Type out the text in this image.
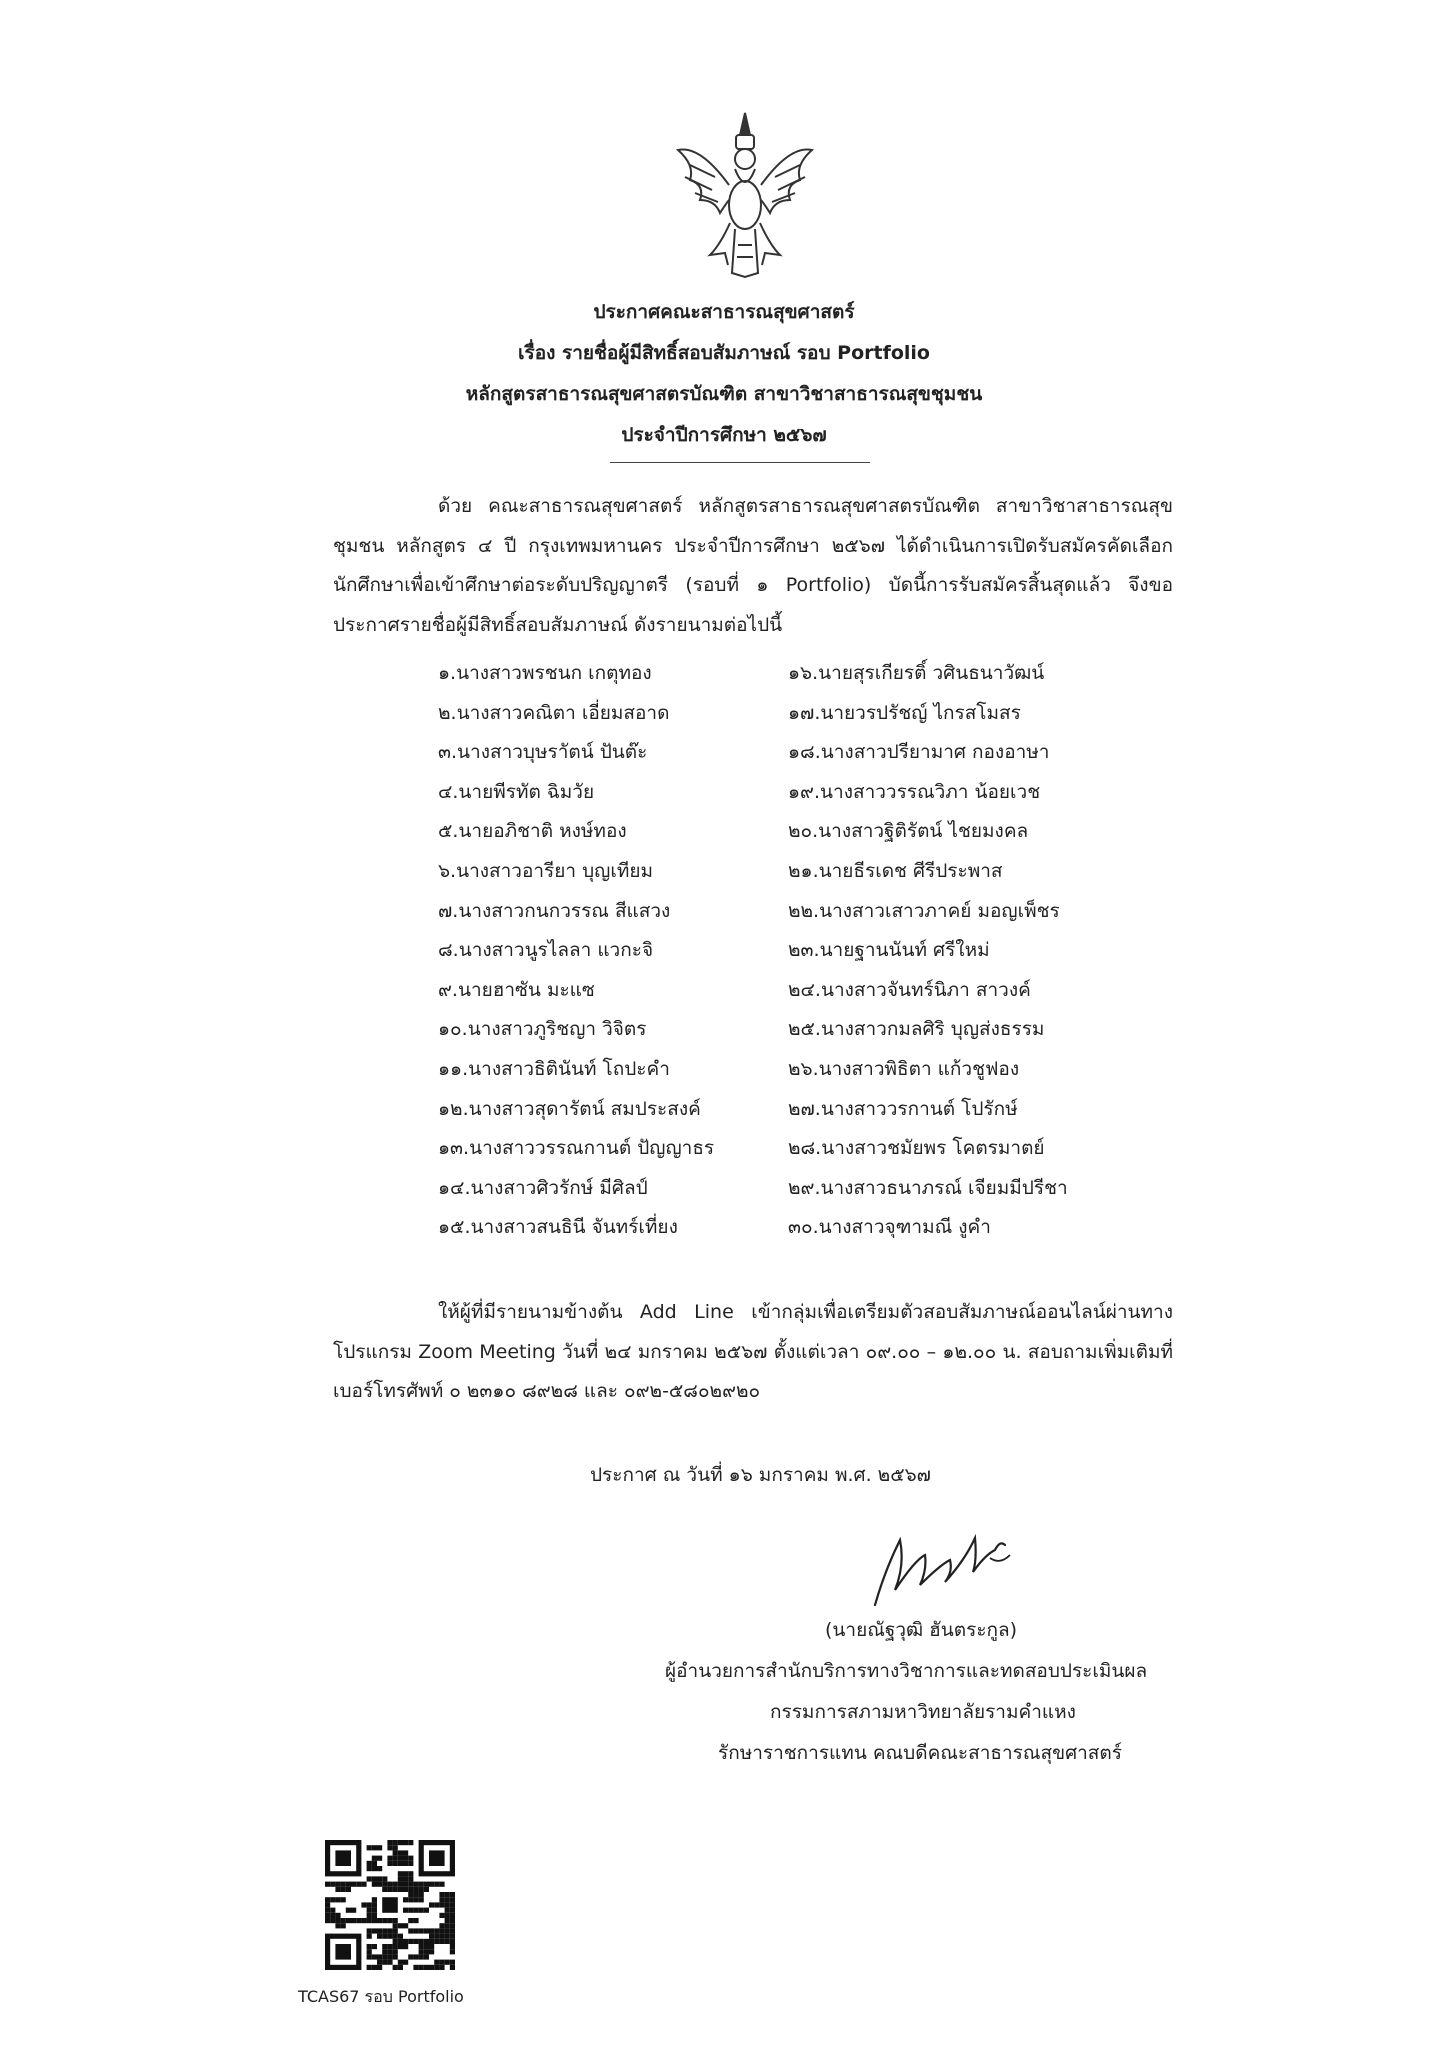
ประกาศคณะสาธารณสุขศาสตร์
เรื่อง รายชื่อผู้มีสิทธิ์สอบสัมภาษณ์ รอบ Portfolio
หลักสูตรสาธารณสุขศาสตรบัณฑิต สาขาวิชาสาธารณสุขชุมชน
ประจำปีการศึกษา ๒๕๖๗
ด้วย คณะสาธารณสุขศาสตร์ หลักสูตรสาธารณสุขศาสตรบัณฑิต สาขาวิชาสาธารณสุขชุมชน หลักสูตร ๔ ปี กรุงเทพมหานคร ประจำปีการศึกษา ๒๕๖๗ ได้ดำเนินการเปิดรับสมัครคัดเลือกนักศึกษาเพื่อเข้าศึกษาต่อระดับปริญญาตรี (รอบที่ ๑ Portfolio) บัดนี้การรับสมัครสิ้นสุดแล้ว จึงขอประกาศรายชื่อผู้มีสิทธิ์สอบสัมภาษณ์ ดังรายนามต่อไปนี้
๑.นางสาวพรชนก เกตุทอง
๒.นางสาวคณิตา เอี่ยมสอาด
๓.นางสาวบุษราัตน์ ปันต๊ะ
๔.นายพีรทัต ฉิมวัย
๕.นายอภิชาติ หงษ์ทอง
๖.นางสาวอารียา บุญเทียม
๗.นางสาวกนกวรรณ สีแสวง
๘.นางสาวนูรไลลา แวกะจิ
๙.นายฮาซัน มะแซ
๑๐.นางสาวภูริชญา วิจิตร
๑๑.นางสาวธิตินันท์ โถปะคำ
๑๒.นางสาวสุดารัตน์ สมประสงค์
๑๓.นางสาววรรณกานต์ ปัญญาธร
๑๔.นางสาวศิวรักษ์ มีศิลป์
๑๕.นางสาวสนธินี จันทร์เที่ยง
๑๖.นายสุรเกียรติ์ วศินธนาวัฒน์
๑๗.นายวรปรัชญ์ ไกรสโมสร
๑๘.นางสาวปรียามาศ กองอาษา
๑๙.นางสาววรรณวิภา น้อยเวช
๒๐.นางสาวฐิติรัตน์ ไชยมงคล
๒๑.นายธีรเดช ศีรีประพาส
๒๒.นางสาวเสาวภาคย์ มอญเพ็ชร
๒๓.นายฐานนันท์ ศรีใหม่
๒๔.นางสาวจันทร์นิภา สาวงค์
๒๕.นางสาวกมลศิริ บุญส่งธรรม
๒๖.นางสาวพิธิตา แก้วชูฟอง
๒๗.นางสาววรกานต์ โปรักษ์
๒๘.นางสาวชมัยพร โคตรมาตย์
๒๙.นางสาวธนาภรณ์ เจียมมีปรีชา
๓๐.นางสาวจุฑามณี งูคำ
ให้ผู้ที่มีรายนามข้างต้น Add Line เข้ากลุ่มเพื่อเตรียมตัวสอบสัมภาษณ์ออนไลน์ผ่านทางโปรแกรม Zoom Meeting วันที่ ๒๔ มกราคม ๒๕๖๗ ตั้งแต่เวลา ๐๙.๐๐ – ๑๒.๐๐ น. สอบถามเพิ่มเติมที่เบอร์โทรศัพท์ ๐ ๒๓๑๐ ๘๙๒๘ และ ๐๙๒-๕๘๐๒๙๒๐
ประกาศ ณ วันที่ ๑๖ มกราคม พ.ศ. ๒๕๖๗
(นายณัฐวุฒิ ฮันตระกูล)
ผู้อำนวยการสำนักบริการทางวิชาการและทดสอบประเมินผล
กรรมการสภามหาวิทยาลัยรามคำแหง
รักษาราชการแทน คณบดีคณะสาธารณสุขศาสตร์
TCAS67 รอบ Portfolio
